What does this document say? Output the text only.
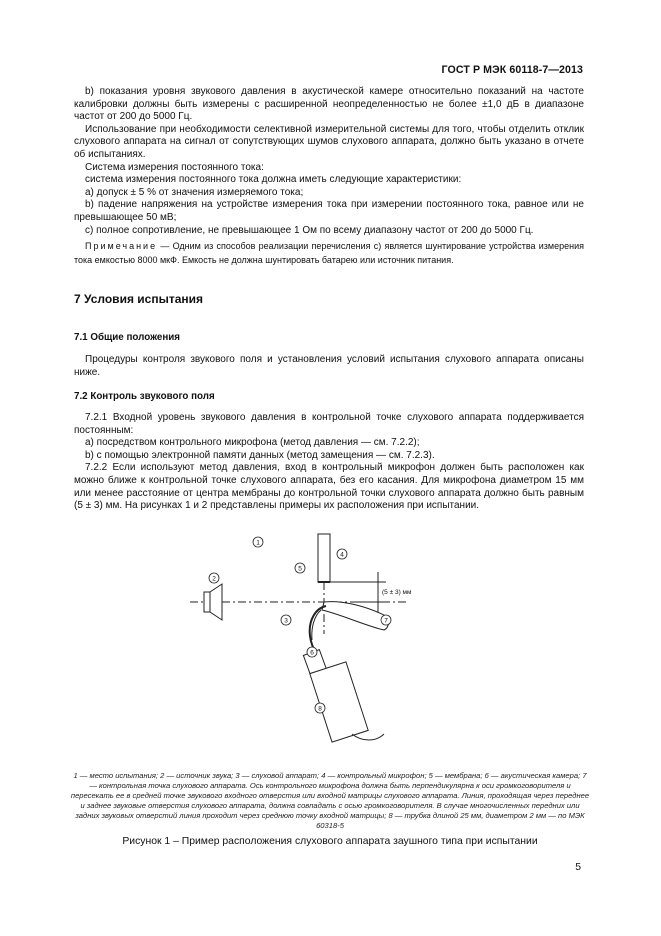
ГОСТ Р МЭК 60118-7—2013

b) показания уровня звукового давления в акустической камере относительно показаний на частоте калибровки должны быть измерены с расширенной неопределенностью не более ±1,0 дБ в диапазоне частот от 200 до 5000 Гц.

Использование при необходимости селективной измерительной системы для того, чтобы отделить отклик слухового аппарата на сигнал от сопутствующих шумов слухового аппарата, должно быть указано в отчете об испытаниях.

Система измерения постоянного тока:

система измерения постоянного тока должна иметь следующие характеристики:

а) допуск ± 5 % от значения измеряемого тока;

b) падение напряжения на устройстве измерения тока при измерении постоянного тока, равное или не превышающее 50 мВ;

с) полное сопротивление, не превышающее 1 Ом по всему диапазону частот от 200 до 5000 Гц.

Примечание — Одним из способов реализации перечисления с) является шунтирование устройства измерения тока емкостью 8000 мкФ. Емкость не должна шунтировать батарею или источник питания.

7 Условия испытания
7.1 Общие положения

Процедуры контроля звукового поля и установления условий испытания слухового аппарата описаны ниже.

7.2 Контроль звукового поля

7.2.1 Входной уровень звукового давления в контрольной точке слухового аппарата поддерживается постоянным:

а) посредством контрольного микрофона (метод давления — см. 7.2.2);

b) с помощью электронной памяти данных (метод замещения — см. 7.2.3).

7.2.2 Если используют метод давления, вход в контрольный микрофон должен быть расположен как можно ближе к контрольной точке слухового аппарата, без его касания. Для микрофона диаметром 15 мм или менее расстояние от центра мембраны до контрольной точки слухового аппарата должно быть равным (5 ± 3) мм. На рисунках 1 и 2 представлены примеры их расположения при испытании.

1
2
3
4
5
6
7
8
(5 ± 3) мм
1 — место испытания; 2 — источник звука; 3 — слуховой аппарат; 4 — контрольный микрофон; 5 — мембрана; 6 — акустическая камера; 7 — контрольная точка слухового аппарата. Ось контрольного микрофона должна быть перпендикулярна к оси громкоговорителя и пересекать ее в средней точке звукового входного отверстия или входной матрицы слухового аппарата. Линия, проходящая через переднее и заднее звуковые отверстия слухового аппарата, должна совпадать с осью громкоговорителя. В случае многочисленных передних или задних звуковых отверстий линия проходит через среднюю точку входной матрицы; 8 — трубка длиной 25 мм, диаметром 2 мм — по МЭК 60318-5
Рисунок 1 – Пример расположения слухового аппарата заушного типа при испытании
5
